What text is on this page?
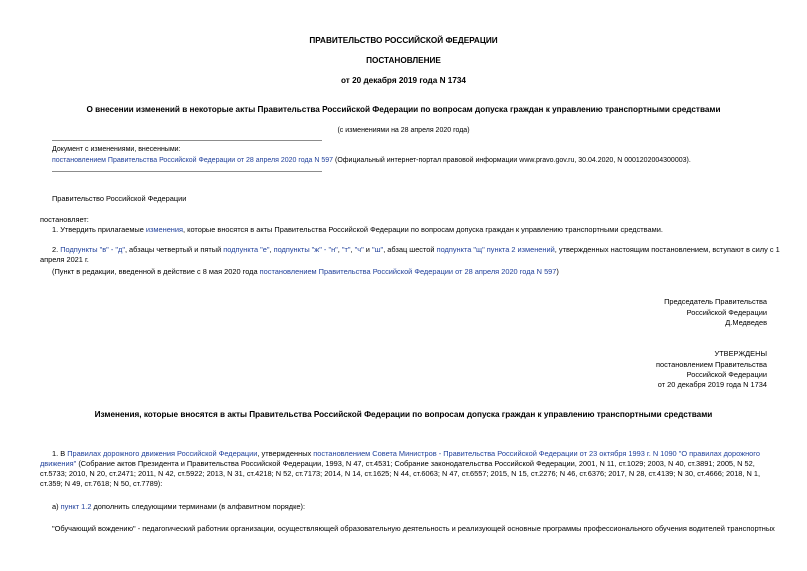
ПРАВИТЕЛЬСТВО РОССИЙСКОЙ ФЕДЕРАЦИИ
ПОСТАНОВЛЕНИЕ
от 20 декабря 2019 года N 1734
О внесении изменений в некоторые акты Правительства Российской Федерации по вопросам допуска граждан к управлению транспортными средствами
(с изменениями на 28 апреля 2020 года)
Документ с изменениями, внесенными:
постановлением Правительства Российской Федерации от 28 апреля 2020 года N 597 (Официальный интернет-портал правовой информации www.pravo.gov.ru, 30.04.2020, N 0001202004300003).
Правительство Российской Федерации
постановляет:
1. Утвердить прилагаемые изменения, которые вносятся в акты Правительства Российской Федерации по вопросам допуска граждан к управлению транспортными средствами.
2. Подпункты "в" - "д", абзацы четвертый и пятый подпункта "е", подпункты "ж" - "н", "т", "ч" и "ш", абзац шестой подпункта "щ" пункта 2 изменений, утвержденных настоящим постановлением, вступают в силу с 1 апреля 2021 г.
(Пункт в редакции, введенной в действие с 8 мая 2020 года постановлением Правительства Российской Федерации от 28 апреля 2020 года N 597)
Председатель Правительства
Российской Федерации
Д.Медведев
УТВЕРЖДЕНЫ
постановлением Правительства
Российской Федерации
от 20 декабря 2019 года N 1734
Изменения, которые вносятся в акты Правительства Российской Федерации по вопросам допуска граждан к управлению транспортными средствами
1. В Правилах дорожного движения Российской Федерации, утвержденных постановлением Совета Министров - Правительства Российской Федерации от 23 октября 1993 г. N 1090 "О правилах дорожного движения" (Собрание актов Президента и Правительства Российской Федерации, 1993, N 47, ст.4531; Собрание законодательства Российской Федерации, 2001, N 11, ст.1029; 2003, N 40, ст.3891; 2005, N 52, ст.5733; 2010, N 20, ст.2471; 2011, N 42, ст.5922; 2013, N 31, ст.4218; N 52, ст.7173; 2014, N 14, ст.1625; N 44, ст.6063; N 47, ст.6557; 2015, N 15, ст.2276; N 46, ст.6376; 2017, N 28, ст.4139; N 30, ст.4666; 2018, N 1, ст.359; N 49, ст.7618; N 50, ст.7789):
а) пункт 1.2 дополнить следующими терминами (в алфавитном порядке):
"Обучающий вождению" - педагогический работник организации, осуществляющей образовательную деятельность и реализующей основные программы профессионального обучения водителей транспортных
